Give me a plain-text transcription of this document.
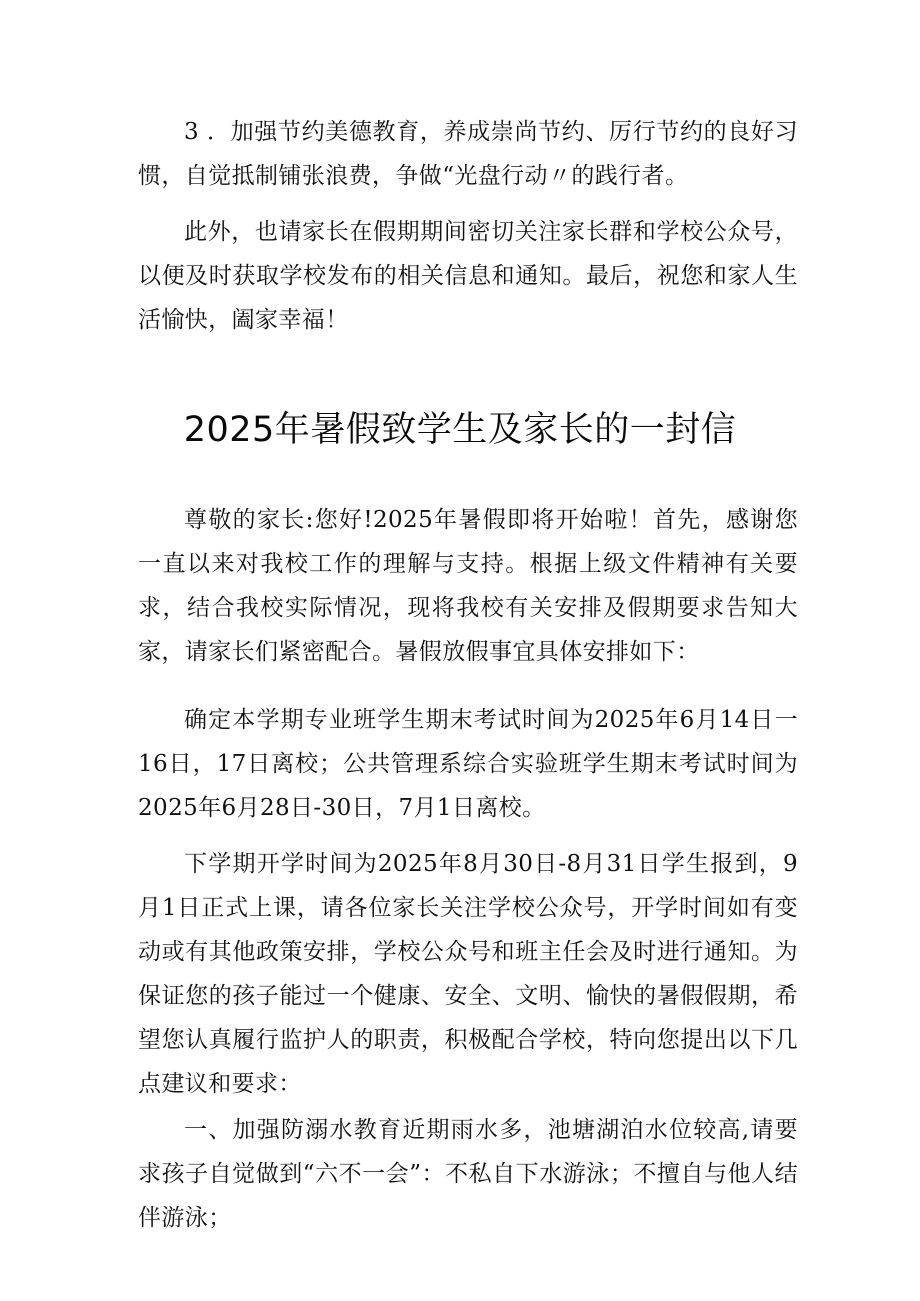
3 ．加强节约美德教育，养成崇尚节约、厉行节约的良好习惯，自觉抵制铺张浪费，争做“光盘行动〃的践行者。

此外，也请家长在假期期间密切关注家长群和学校公众号，以便及时获取学校发布的相关信息和通知。最后，祝您和家人生活愉快，阖家幸福！

2025年暑假致学生及家长的一封信

尊敬的家长:您好!2025年暑假即将开始啦！首先，感谢您一直以来对我校工作的理解与支持。根据上级文件精神有关要求，结合我校实际情况，现将我校有关安排及假期要求告知大家，请家长们紧密配合。暑假放假事宜具体安排如下：

确定本学期专业班学生期末考试时间为2025年6月14日一16日，17日离校；公共管理系综合实验班学生期末考试时间为2025年6月28日-30日，7月1日离校。

下学期开学时间为2025年8月30日-8月31日学生报到，9月1日正式上课，请各位家长关注学校公众号，开学时间如有变动或有其他政策安排，学校公众号和班主任会及时进行通知。为保证您的孩子能过一个健康、安全、文明、愉快的暑假假期，希望您认真履行监护人的职责，积极配合学校，特向您提出以下几点建议和要求：

一、加强防溺水教育近期雨水多，池塘湖泊水位较高,请要求孩子自觉做到“六不一会”：不私自下水游泳；不擅自与他人结伴游泳；
